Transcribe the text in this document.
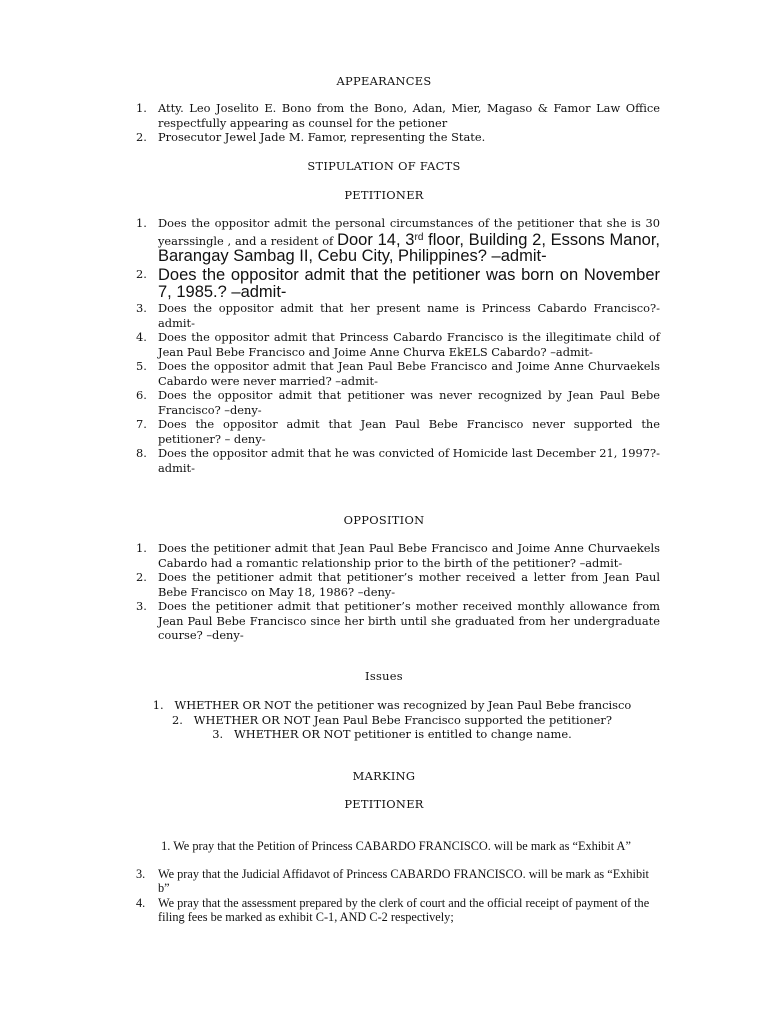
APPEARANCES
1. Atty. Leo Joselito E. Bono from the Bono, Adan, Mier, Magaso & Famor Law Office respectfully appearing as counsel for the petioner
2. Prosecutor Jewel Jade M. Famor, representing the State.
STIPULATION OF FACTS
PETITIONER
1. Does the oppositor admit the personal circumstances of the petitioner that she is 30 yearssingle , and a resident of Door 14, 3rd floor, Building 2, Essons Manor, Barangay Sambag II, Cebu City, Philippines? –admit-
2. Does the oppositor admit that the petitioner was born on November 7, 1985.? –admit-
3. Does the oppositor admit that her present name is Princess Cabardo Francisco?-admit-
4. Does the oppositor admit that Princess Cabardo Francisco is the illegitimate child of Jean Paul Bebe Francisco and Joime Anne Churva EkELS Cabardo? –admit-
5. Does the oppositor admit that Jean Paul Bebe Francisco and Joime Anne Churvaekels Cabardo were never married? –admit-
6. Does the oppositor admit that petitioner was never recognized by Jean Paul Bebe Francisco? –deny-
7. Does the oppositor admit that Jean Paul Bebe Francisco never supported the petitioner? – deny-
8. Does the oppositor admit that he was convicted of Homicide last December 21, 1997?-admit-
OPPOSITION
1. Does the petitioner admit that Jean Paul Bebe Francisco and Joime Anne Churvaekels Cabardo had a romantic relationship prior to the birth of the petitioner? –admit-
2. Does the petitioner admit that petitioner’s mother received a letter from Jean Paul Bebe Francisco on May 18, 1986? –deny-
3. Does the petitioner admit that petitioner’s mother received monthly allowance from Jean Paul Bebe Francisco since her birth until she graduated from her undergraduate course? –deny-
Issues
1. WHETHER OR NOT the petitioner was recognized by Jean Paul Bebe francisco
2. WHETHER OR NOT Jean Paul Bebe Francisco supported the petitioner?
3. WHETHER OR NOT petitioner is entitled to change name.
MARKING
PETITIONER
1. We pray that the Petition of Princess CABARDO FRANCISCO. will be mark as “Exhibit A”
3. We pray that the Judicial Affidavot of Princess CABARDO FRANCISCO. will be mark as “Exhibit b”
4. We pray that the assessment prepared by the clerk of court and the official receipt of payment of the filing fees be marked as exhibit C-1, AND C-2 respectively;
